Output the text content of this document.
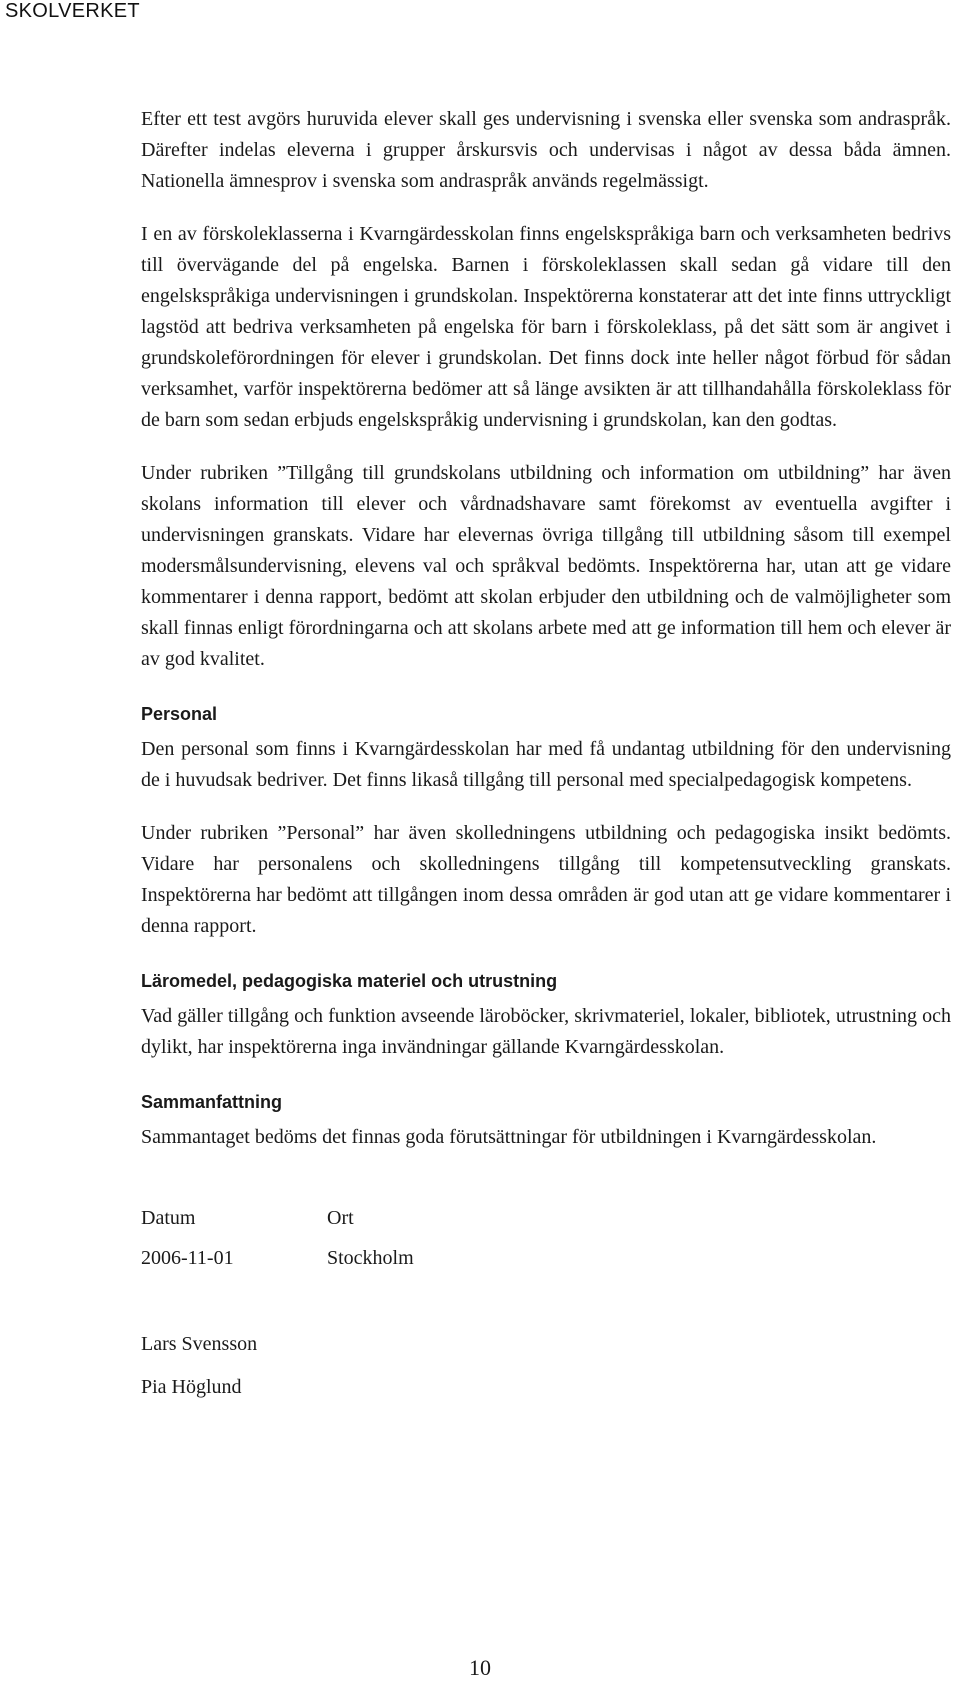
SKOLVERKET

Efter ett test avgörs huruvida elever skall ges undervisning i svenska eller svenska som andraspråk. Därefter indelas eleverna i grupper årskursvis och undervisas i något av dessa båda ämnen. Nationella ämnesprov i svenska som andraspråk används regelmässigt.

I en av förskoleklasserna i Kvarngärdesskolan finns engelskspråkiga barn och verksamheten bedrivs till övervägande del på engelska. Barnen i förskoleklassen skall sedan gå vidare till den engelskspråkiga undervisningen i grundskolan. Inspektörerna konstaterar att det inte finns uttryckligt lagstöd att bedriva verksamheten på engelska för barn i förskoleklass, på det sätt som är angivet i grundskoleförordningen för elever i grundskolan. Det finns dock inte heller något förbud för sådan verksamhet, varför inspektörerna bedömer att så länge avsikten är att tillhandahålla förskoleklass för de barn som sedan erbjuds engelskspråkig undervisning i grundskolan, kan den godtas.

Under rubriken ”Tillgång till grundskolans utbildning och information om utbildning” har även skolans information till elever och vårdnadshavare samt förekomst av eventuella avgifter i undervisningen granskats. Vidare har elevernas övriga tillgång till utbildning såsom till exempel modersmålsundervisning, elevens val och språkval bedömts. Inspektörerna har, utan att ge vidare kommentarer i denna rapport, bedömt att skolan erbjuder den utbildning och de valmöjligheter som skall finnas enligt förordningarna och att skolans arbete med att ge information till hem och elever är av god kvalitet.

Personal

Den personal som finns i Kvarngärdesskolan har med få undantag utbildning för den undervisning de i huvudsak bedriver. Det finns likaså tillgång till personal med specialpedagogisk kompetens.

Under rubriken ”Personal” har även skolledningens utbildning och pedagogiska insikt bedömts. Vidare har personalens och skolledningens tillgång till kompetensutveckling granskats. Inspektörerna har bedömt att tillgången inom dessa områden är god utan att ge vidare kommentarer i denna rapport.

Läromedel, pedagogiska materiel och utrustning

Vad gäller tillgång och funktion avseende läroböcker, skrivmateriel, lokaler, bibliotek, utrustning och dylikt, har inspektörerna inga invändningar gällande Kvarngärdesskolan.

Sammanfattning

Sammantaget bedöms det finnas goda förutsättningar för utbildningen i Kvarngärdesskolan.

Datum	Ort
2006-11-01	Stockholm
Lars Svensson
Pia Höglund
10
